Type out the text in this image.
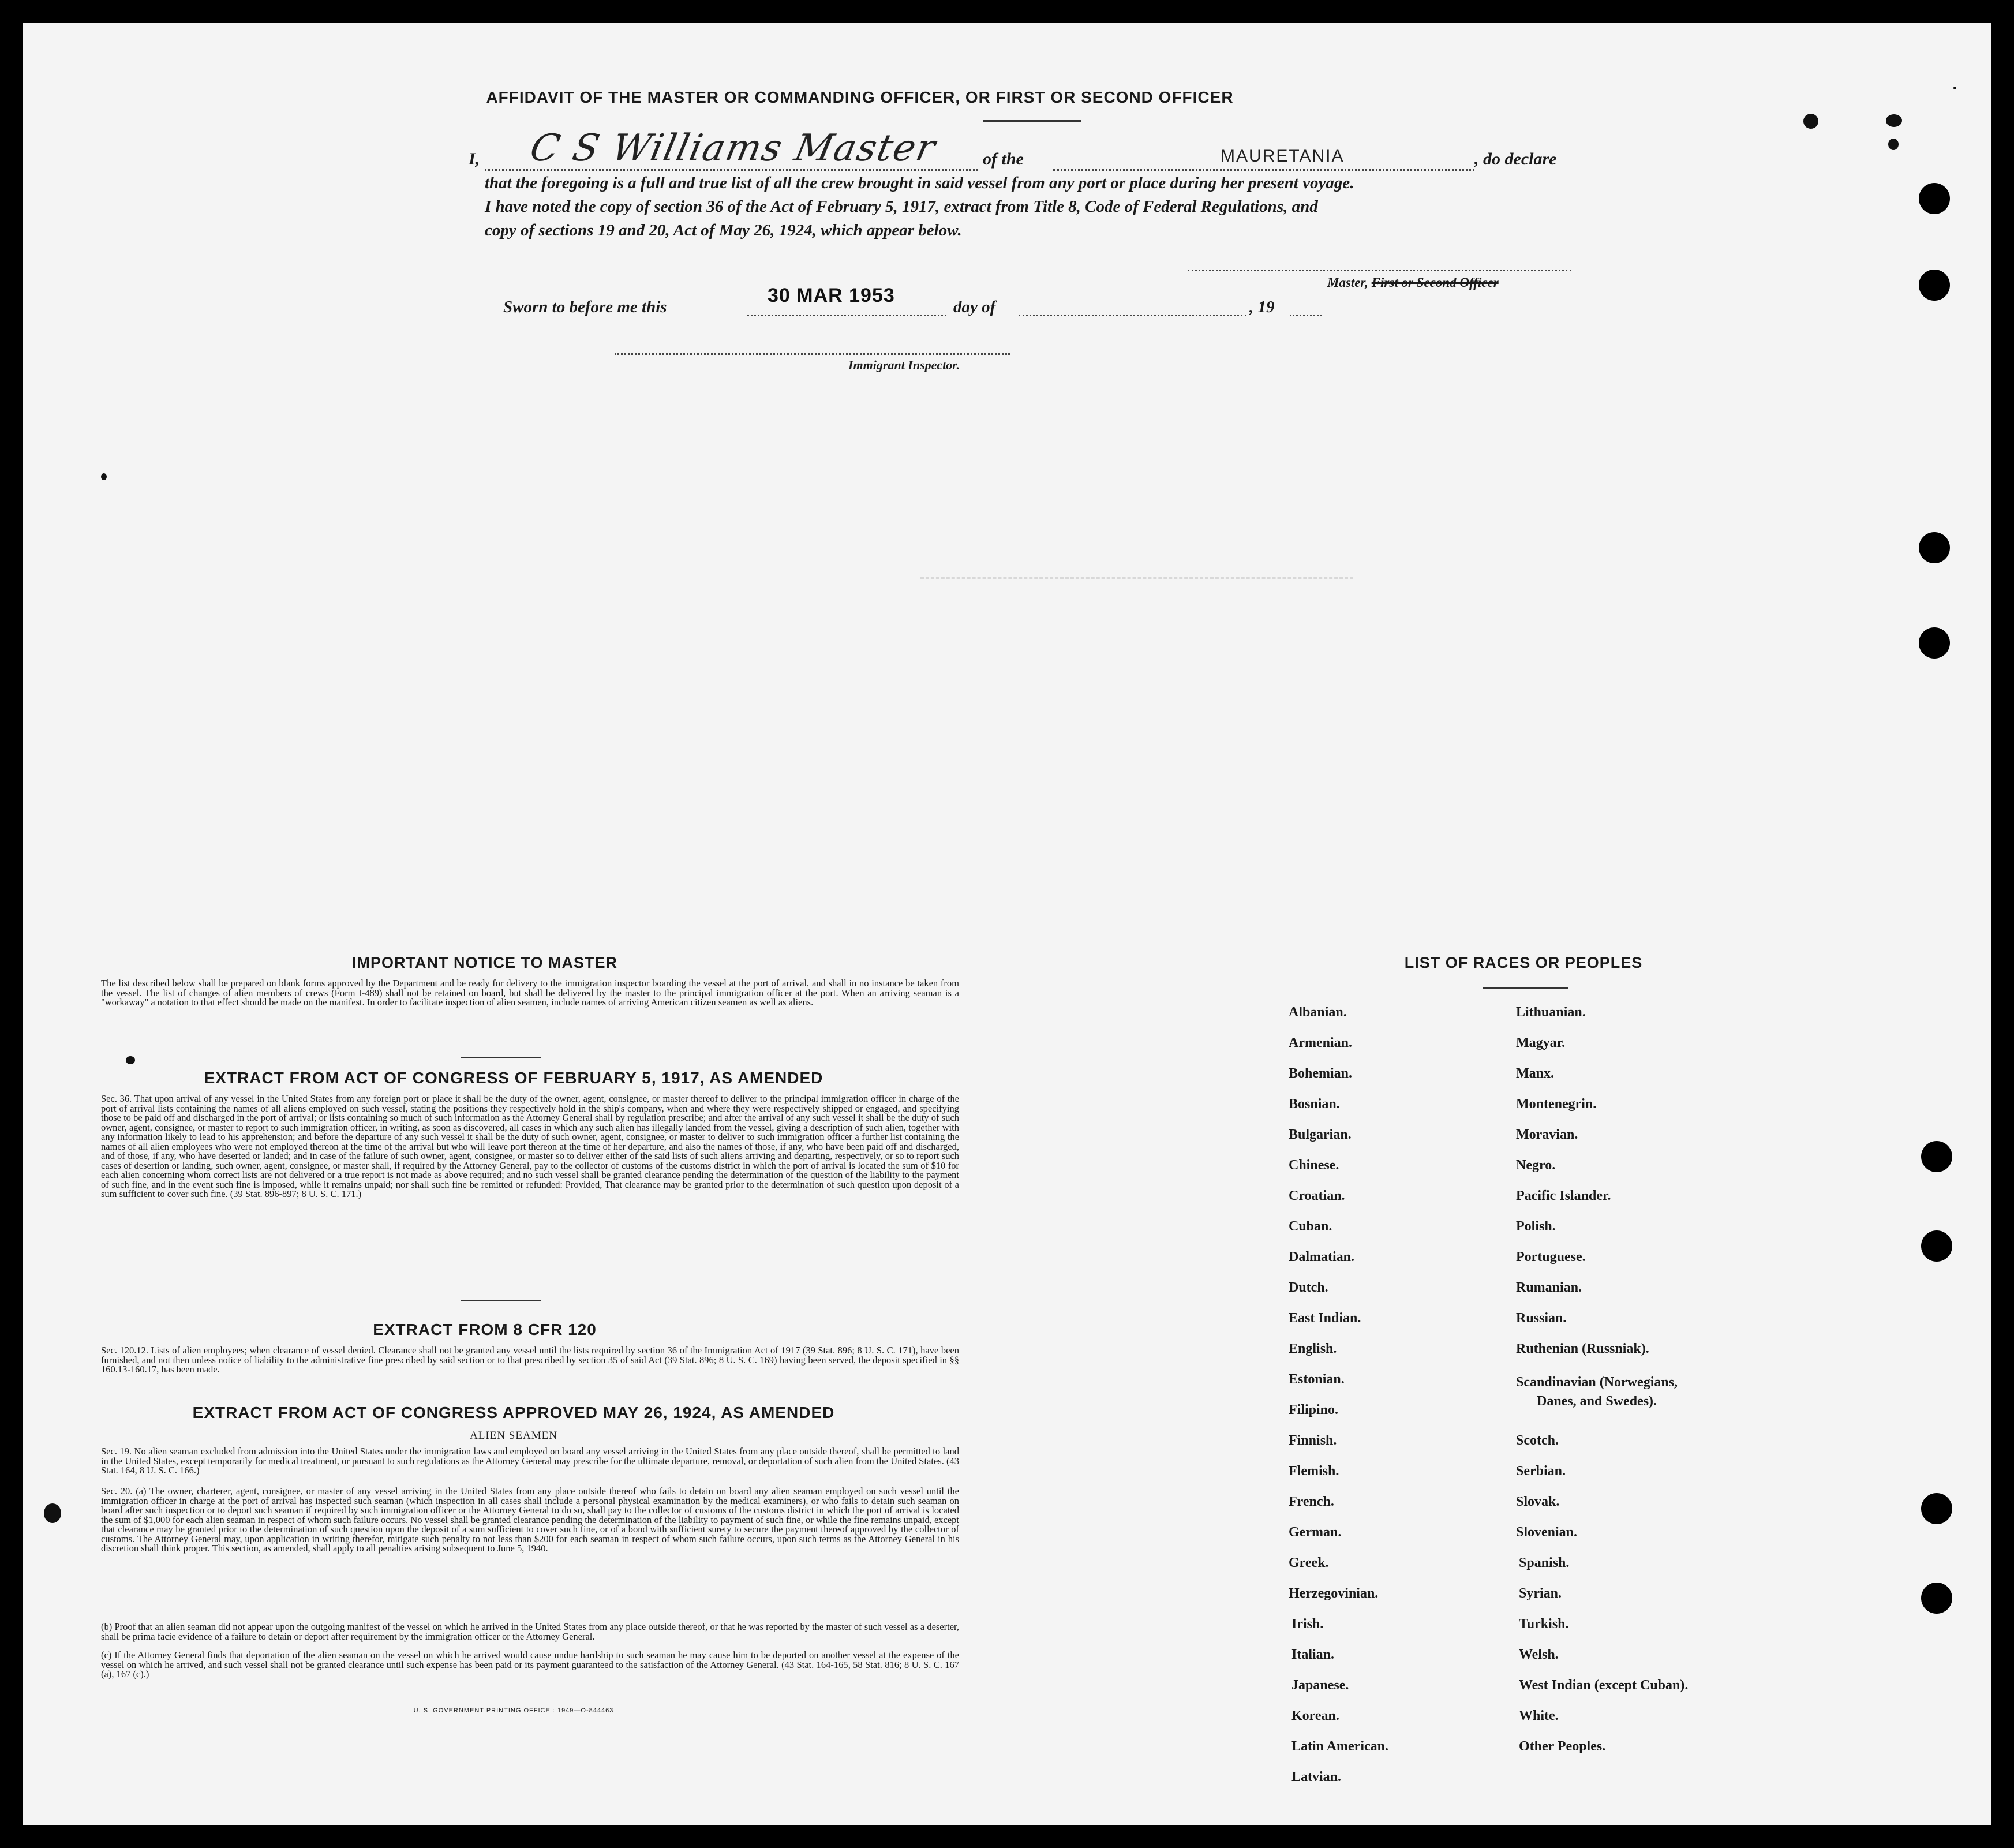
AFFIDAVIT OF THE MASTER OR COMMANDING OFFICER, OR FIRST OR SECOND OFFICER
I,	C S Williams Master of the	MAURETANIA	, do declare
that the foregoing is a full and true list of all the crew brought in said vessel from any port or place during her present voyage.
I have noted the copy of section 36 of the Act of February 5, 1917, extract from Title 8, Code of Federal Regulations, and
copy of sections 19 and 20, Act of May 26, 1924, which appear below.
Master, First or Second Officer
Sworn to before me this
30 MAR 1953
day of	, 19
Immigrant Inspector.
IMPORTANT NOTICE TO MASTER
The list described below shall be prepared on blank forms approved by the Department and be ready for delivery to the immigration inspector boarding the vessel at the port of arrival, and shall in no instance be taken from the vessel. The list of changes of alien members of crews (Form I-489) shall not be retained on board, but shall be delivered by the master to the principal immigration officer at the port. When an arriving seaman is a "workaway" a notation to that effect should be made on the manifest. In order to facilitate inspection of alien seamen, include names of arriving American citizen seamen as well as aliens.
EXTRACT FROM ACT OF CONGRESS OF FEBRUARY 5, 1917, AS AMENDED
Sec. 36. That upon arrival of any vessel in the United States from any foreign port or place it shall be the duty of the owner, agent, consignee, or master thereof to deliver to the principal immigration officer in charge of the port of arrival lists containing the names of all aliens employed on such vessel, stating the positions they respectively hold in the ship's company, when and where they were respectively shipped or engaged, and specifying those to be paid off and discharged in the port of arrival; or lists containing so much of such information as the Attorney General shall by regulation prescribe; and after the arrival of any such vessel it shall be the duty of such owner, agent, consignee, or master to report to such immigration officer, in writing, as soon as discovered, all cases in which any such alien has illegally landed from the vessel, giving a description of such alien, together with any information likely to lead to his apprehension; and before the departure of any such vessel it shall be the duty of such owner, agent, consignee, or master to deliver to such immigration officer a further list containing the names of all alien employees who were not employed thereon at the time of the arrival but who will leave port thereon at the time of her departure, and also the names of those, if any, who have been paid off and discharged, and of those, if any, who have deserted or landed; and in case of the failure of such owner, agent, consignee, or master so to deliver either of the said lists of such aliens arriving and departing, respectively, or so to report such cases of desertion or landing, such owner, agent, consignee, or master shall, if required by the Attorney General, pay to the collector of customs of the customs district in which the port of arrival is located the sum of $10 for each alien concerning whom correct lists are not delivered or a true report is not made as above required; and no such vessel shall be granted clearance pending the determination of the question of the liability to the payment of such fine, and in the event such fine is imposed, while it remains unpaid; nor shall such fine be remitted or refunded: Provided, That clearance may be granted prior to the determination of such question upon deposit of a sum sufficient to cover such fine. (39 Stat. 896-897; 8 U. S. C. 171.)
EXTRACT FROM 8 CFR 120
Sec. 120.12. Lists of alien employees; when clearance of vessel denied. Clearance shall not be granted any vessel until the lists required by section 36 of the Immigration Act of 1917 (39 Stat. 896; 8 U. S. C. 171), have been furnished, and not then unless notice of liability to the administrative fine prescribed by said section or to that prescribed by section 35 of said Act (39 Stat. 896; 8 U. S. C. 169) having been served, the deposit specified in §§ 160.13-160.17, has been made.
EXTRACT FROM ACT OF CONGRESS APPROVED MAY 26, 1924, AS AMENDED
ALIEN SEAMEN
Sec. 19. No alien seaman excluded from admission into the United States under the immigration laws and employed on board any vessel arriving in the United States from any place outside thereof, shall be permitted to land in the United States, except temporarily for medical treatment, or pursuant to such regulations as the Attorney General may prescribe for the ultimate departure, removal, or deportation of such alien from the United States. (43 Stat. 164, 8 U. S. C. 166.)
Sec. 20. (a) The owner, charterer, agent, consignee, or master of any vessel arriving in the United States from any place outside thereof who fails to detain on board any alien seaman employed on such vessel until the immigration officer in charge at the port of arrival has inspected such seaman (which inspection in all cases shall include a personal physical examination by the medical examiners), or who fails to detain such seaman on board after such inspection or to deport such seaman if required by such immigration officer or the Attorney General to do so, shall pay to the collector of customs of the customs district in which the port of arrival is located the sum of $1,000 for each alien seaman in respect of whom such failure occurs. No vessel shall be granted clearance pending the determination of the liability to payment of such fine, or while the fine remains unpaid, except that clearance may be granted prior to the determination of such question upon the deposit of a sum sufficient to cover such fine, or of a bond with sufficient surety to secure the payment thereof approved by the collector of customs. The Attorney General may, upon application in writing therefor, mitigate such penalty to not less than $200 for each seaman in respect of whom such failure occurs, upon such terms as the Attorney General in his discretion shall think proper. This section, as amended, shall apply to all penalties arising subsequent to June 5, 1940.
(b) Proof that an alien seaman did not appear upon the outgoing manifest of the vessel on which he arrived in the United States from any place outside thereof, or that he was reported by the master of such vessel as a deserter, shall be prima facie evidence of a failure to detain or deport after requirement by the immigration officer or the Attorney General.
(c) If the Attorney General finds that deportation of the alien seaman on the vessel on which he arrived would cause undue hardship to such seaman he may cause him to be deported on another vessel at the expense of the vessel on which he arrived, and such vessel shall not be granted clearance until such expense has been paid or its payment guaranteed to the satisfaction of the Attorney General. (43 Stat. 164-165, 58 Stat. 816; 8 U. S. C. 167 (a), 167 (c).)
U. S. GOVERNMENT PRINTING OFFICE : 1949—O-844463
LIST OF RACES OR PEOPLES
Albanian.
Armenian.
Bohemian.
Bosnian.
Bulgarian.
Chinese.
Croatian.
Cuban.
Dalmatian.
Dutch.
East Indian.
English.
Estonian.
Filipino.
Finnish.
Flemish.
French.
German.
Greek.
Herzegovinian.
Irish.
Italian.
Japanese.
Korean.
Latin American.
Latvian.
Lithuanian.
Magyar.
Manx.
Montenegrin.
Moravian.
Negro.
Pacific Islander.
Polish.
Portuguese.
Rumanian.
Russian.
Ruthenian (Russniak).
Scandinavian (Norwegians,
Danes, and Swedes).
Scotch.
Serbian.
Slovak.
Slovenian.
Spanish.
Syrian.
Turkish.
Welsh.
West Indian (except Cuban).
White.
Other Peoples.
